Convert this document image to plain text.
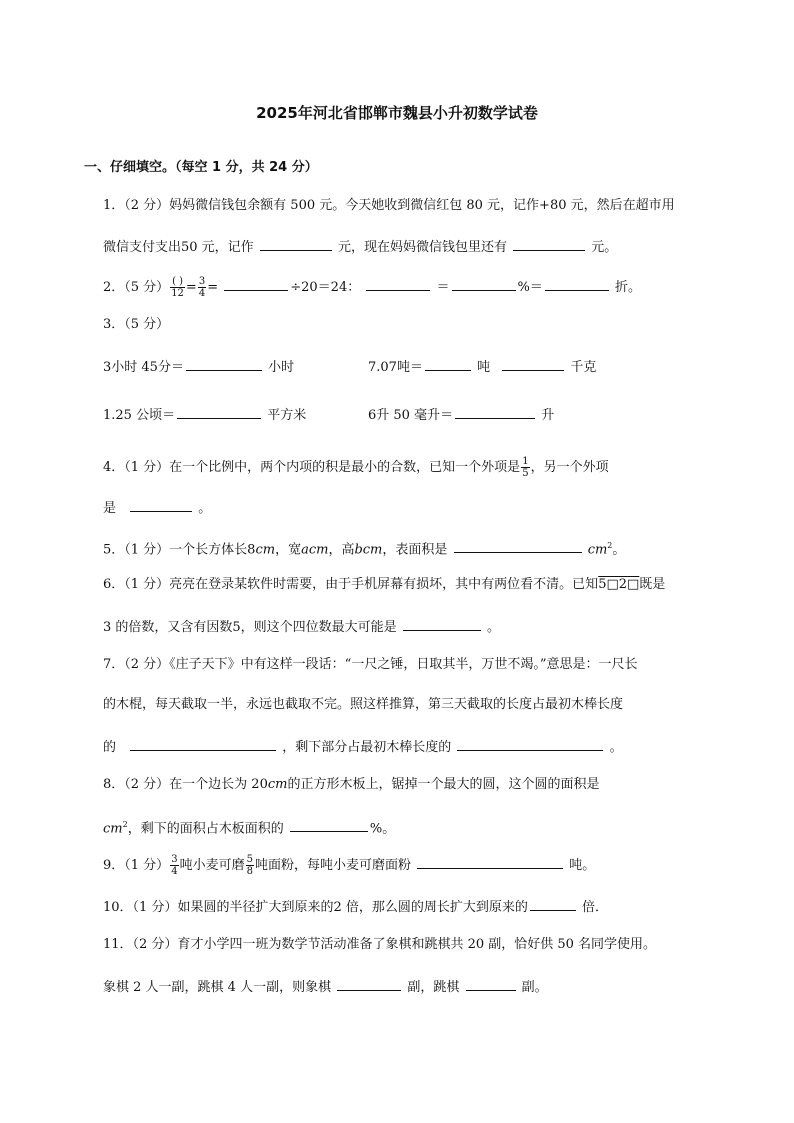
2025年河北省邯郸市魏县小升初数学试卷
一、仔细填空。（每空 1 分，共 24 分）
1．（2 分）妈妈微信钱包余额有 500 元。今天她收到微信红包 80 元，记作+80 元，然后在超市用
微信支付支出50 元，记作	元，现在妈妈微信钱包里还有	元。
2．（5 分） $\frac{( )}{12} = \frac{3}{4}$ =	÷20＝24：	＝	%＝	折。
3．（5 分）
3小时 45分＝	小时	7.07吨＝	吨	千克
1.25 公顷＝	平方米	6升 50 毫升＝	升
4．（1 分）在一个比例中，两个内项的积是最小的合数，已知一个外项是 $\frac{1}{5}$ ，另一个外项
是	。
5．（1 分）一个长方体长8cm，宽acm，高bcm，表面积是	$cm^2$。
6．（1 分）亮亮在登录某软件时需要，由于手机屏幕有损坏，其中有两位看不清。已知5□2□既是
3 的倍数，又含有因数5，则这个四位数最大可能是	。
7．（2 分）《庄子天下》中有这样一段话：“一尺之锤，日取其半，万世不竭。”意思是：一尺长
的木棍，每天截取一半，永远也截取不完。照这样推算，第三天截取的长度占最初木棒长度
的	，剩下部分占最初木棒长度的	。
8．（2 分）在一个边长为 20cm的正方形木板上，锯掉一个最大的圆，这个圆的面积是
$cm^2$，剩下的面积占木板面积的	%。
9．（1 分） $\frac{3}{4}$ 吨小麦可磨 $\frac{5}{8}$ 吨面粉，每吨小麦可磨面粉	吨。
10．（1 分）如果圆的半径扩大到原来的2 倍，那么圆的周长扩大到原来的	倍．
11．（2 分）育才小学四一班为数学节活动准备了象棋和跳棋共 20 副，恰好供 50 名同学使用。
象棋 2 人一副，跳棋 4 人一副，则象棋	副，跳棋	副。
